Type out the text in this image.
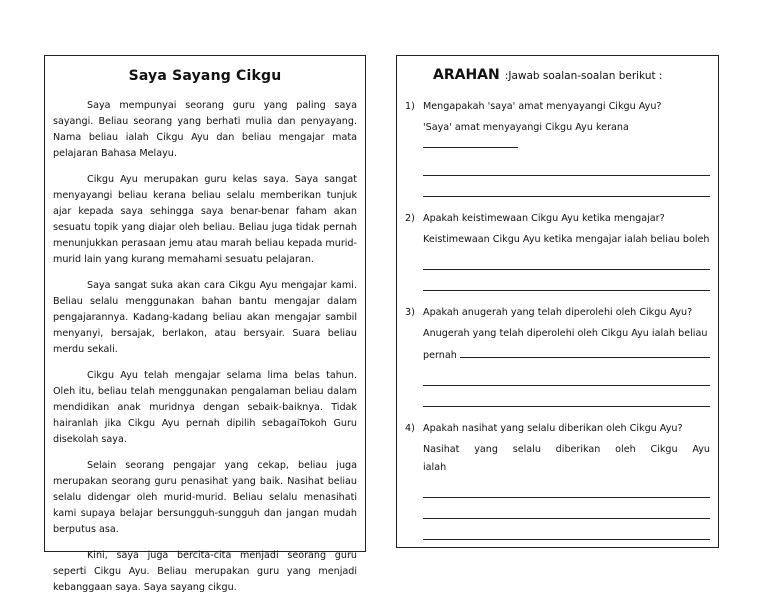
Saya Sayang Cikgu

Saya mempunyai seorang guru yang paling saya sayangi. Beliau seorang yang berhati mulia dan penyayang. Nama beliau ialah Cikgu Ayu dan beliau mengajar mata pelajaran Bahasa Melayu.

Cikgu Ayu merupakan guru kelas saya. Saya sangat menyayangi beliau kerana beliau selalu memberikan tunjuk ajar kepada saya sehingga saya benar-benar faham akan sesuatu topik yang diajar oleh beliau. Beliau juga tidak pernah menunjukkan perasaan jemu atau marah beliau kepada murid-murid lain yang kurang memahami sesuatu pelajaran.

Saya sangat suka akan cara Cikgu Ayu mengajar kami. Beliau selalu menggunakan bahan bantu mengajar dalam pengajarannya. Kadang-kadang beliau akan mengajar sambil menyanyi, bersajak, berlakon, atau bersyair. Suara beliau merdu sekali.

Cikgu Ayu telah mengajar selama lima belas tahun. Oleh itu, beliau telah menggunakan pengalaman beliau dalam mendidikan anak muridnya dengan sebaik-baiknya. Tidak hairanlah jika Cikgu Ayu pernah dipilih sebagaiTokoh Guru disekolah saya.

Selain seorang pengajar yang cekap, beliau juga merupakan seorang guru penasihat yang baik. Nasihat beliau selalu didengar oleh murid-murid. Beliau selalu menasihati kami supaya belajar bersungguh-sungguh dan jangan mudah berputus asa.

Kini, saya juga bercita-cita menjadi seorang guru seperti Cikgu Ayu. Beliau merupakan guru yang menjadi kebanggaan saya. Saya sayang cikgu.

ARAHAN :Jawab soalan-soalan berikut :
1) Mengapakah 'saya' amat menyayangi Cikgu Ayu?
'Saya' amat menyayangi Cikgu Ayu kerana
2) Apakah keistimewaan Cikgu Ayu ketika mengajar?
Keistimewaan Cikgu Ayu ketika mengajar ialah beliau boleh
3) Apakah anugerah yang telah diperolehi oleh Cikgu Ayu?
Anugerah yang telah diperolehi oleh Cikgu Ayu ialah beliau
pernah
4) Apakah nasihat yang selalu diberikan oleh Cikgu Ayu?
Nasihat yang selalu diberikan oleh Cikgu Ayu ialah
